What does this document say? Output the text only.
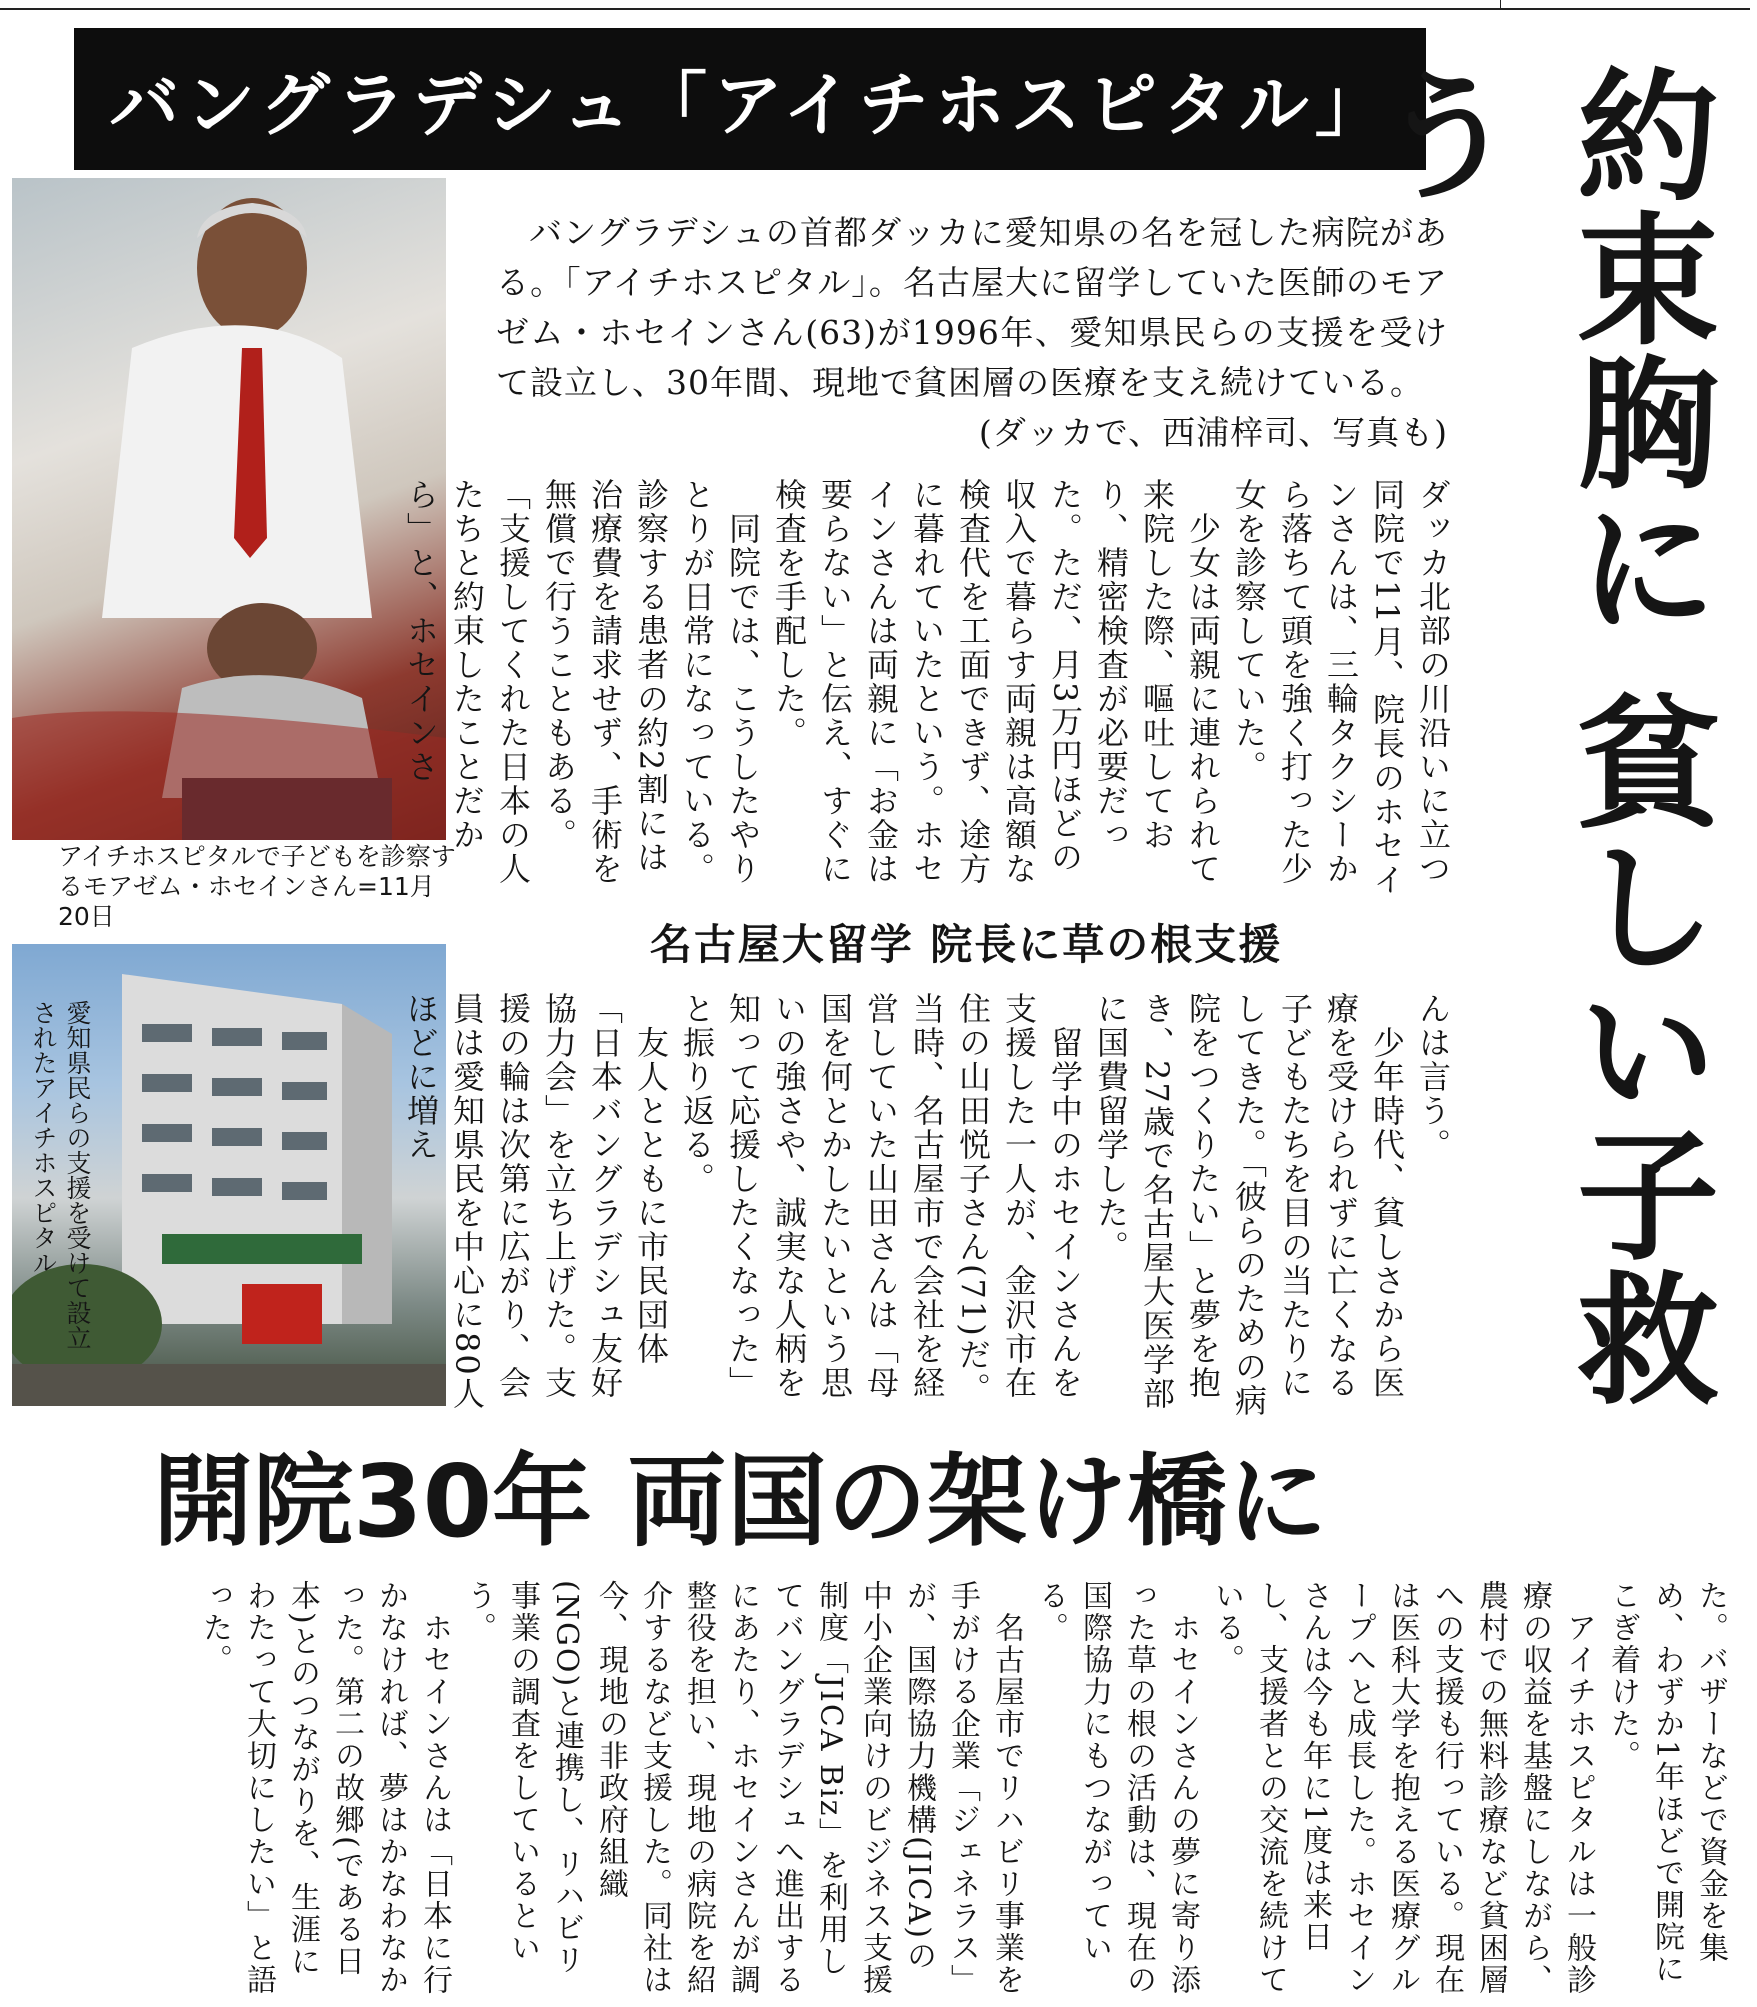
バングラデシュ「アイチホスピタル」 約束胸に 貧しい子救う
アイチホスピタルで子どもを診察するモアゼム・ホセインさん=11月20日
愛知県民らの支援を受けて設立されたアイチホスピタル
バングラデシュの首都ダッカに愛知県の名を冠した病院がある。「アイチホスピタル」。名古屋大に留学していた医師のモアゼム・ホセインさん(63)が1996年、愛知県民らの支援を受けて設立し、30年間、現地で貧困層の医療を支え続けている。

(ダッカで、西浦梓司、写真も)
ダッカ北部の川沿いに立つ同院で11月、院長のホセインさんは、三輪タクシーから落ちて頭を強く打った少女を診察していた。
　少女は両親に連れられて来院した際、嘔吐しており、精密検査が必要だった。ただ、月3万円ほどの収入で暮らす両親は高額な検査代を工面できず、途方に暮れていたという。ホセインさんは両親に「お金は要らない」と伝え、すぐに検査を手配した。
　同院では、こうしたやりとりが日常になっている。診察する患者の約2割には治療費を請求せず、手術を無償で行うこともある。「支援してくれた日本の人たちと約束したことだから」と、ホセインさ
名古屋大留学 院長に草の根支援
んは言う。
　少年時代、貧しさから医療を受けられずに亡くなる子どもたちを目の当たりにしてきた。「彼らのための病院をつくりたい」と夢を抱き、27歳で名古屋大医学部に国費留学した。
　留学中のホセインさんを支援した一人が、金沢市在住の山田悦子さん(71)だ。当時、名古屋市で会社を経営していた山田さんは「母国を何とかしたいという思いの強さや、誠実な人柄を知って応援したくなった」と振り返る。
　友人とともに市民団体「日本バングラデシュ友好協力会」を立ち上げた。支援の輪は次第に広がり、会員は愛知県民を中心に80人ほどに増え
開院30年 両国の架け橋に
た。バザーなどで資金を集め、わずか1年ほどで開院にこぎ着けた。
　アイチホスピタルは一般診療の収益を基盤にしながら、農村での無料診療など貧困層への支援も行っている。現在は医科大学を抱える医療グループへと成長した。ホセインさんは今も年に1度は来日し、支援者との交流を続けている。
　ホセインさんの夢に寄り添った草の根の活動は、現在の国際協力にもつながっている。
　名古屋市でリハビリ事業を手がける企業「ジェネラス」が、国際協力機構(JICA)の中小企業向けのビジネス支援制度「JICA Biz」を利用してバングラデシュへ進出するにあたり、ホセインさんが調整役を担い、現地の病院を紹介するなど支援した。同社は今、現地の非政府組織(NGO)と連携し、リハビリ事業の調査をしているという。
　ホセインさんは「日本に行かなければ、夢はかなわなかった。第二の故郷(である日本)とのつながりを、生涯にわたって大切にしたい」と語った。
